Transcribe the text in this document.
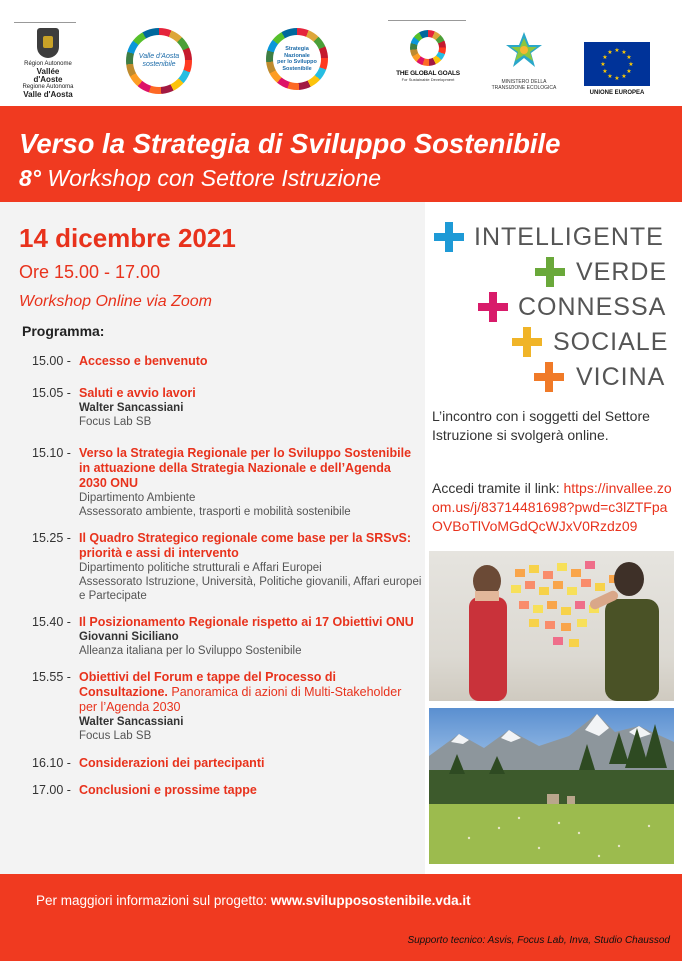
Région Autonome
Vallée d'Aoste
Regione Autonoma
Valle d'Aosta
Valle d'Aosta
sostenibile
Strategia
Nazionale
per lo Sviluppo
Sostenibile
THE GLOBAL GOALS
For Sustainable Development	MINISTERO DELLA
TRANSIZIONE ECOLOGICA
★ ★
★
★
★
★
★
★
★
★
★
★
UNIONE EUROPEA
Verso la Strategia di Sviluppo Sostenibile
8° Workshop con Settore Istruzione
14 dicembre 2021
Ore 15.00 - 17.00
Workshop Online via Zoom
Programma:
15.00 - Accesso e benvenuto
15.05 - Saluti e avvio lavori
Walter Sancassiani
Focus Lab SB
15.10 - Verso la Strategia Regionale per lo Sviluppo Sostenibile in attuazione della Strategia Nazionale e dell’Agenda 2030 ONU
Dipartimento Ambiente
Assessorato ambiente, trasporti e mobilità sostenibile
15.25 - Il Quadro Strategico regionale come base per la SRSvS: priorità e assi di intervento
Dipartimento politiche strutturali e Affari Europei
Assessorato Istruzione, Università, Politiche giovanili, Affari europei e Partecipate
15.40 - Il Posizionamento Regionale rispetto ai 17 Obiettivi ONU
Giovanni Siciliano
Alleanza italiana per lo Sviluppo Sostenibile
15.55 - Obiettivi del Forum e tappe del Processo di Consultazione. Panoramica di azioni di Multi-Stakeholder per l’Agenda 2030
Walter Sancassiani
Focus Lab SB
16.10 - Considerazioni dei partecipanti
17.00 - Conclusioni e prossime tappe
INTELLIGENTE
VERDE
CONNESSA
SOCIALE
VICINA
L’incontro con i soggetti del Settore Istruzione si svolgerà online.
Accedi tramite il link: https://invallee.zoom.us/j/83714481698?pwd=c3lZTFpaOVBoTlVoMGdQcWJxV0Rzdz09
Per maggiori informazioni sul progetto: www.svilupposostenibile.vda.it
Supporto tecnico: Asvis, Focus Lab, Inva, Studio Chaussod
